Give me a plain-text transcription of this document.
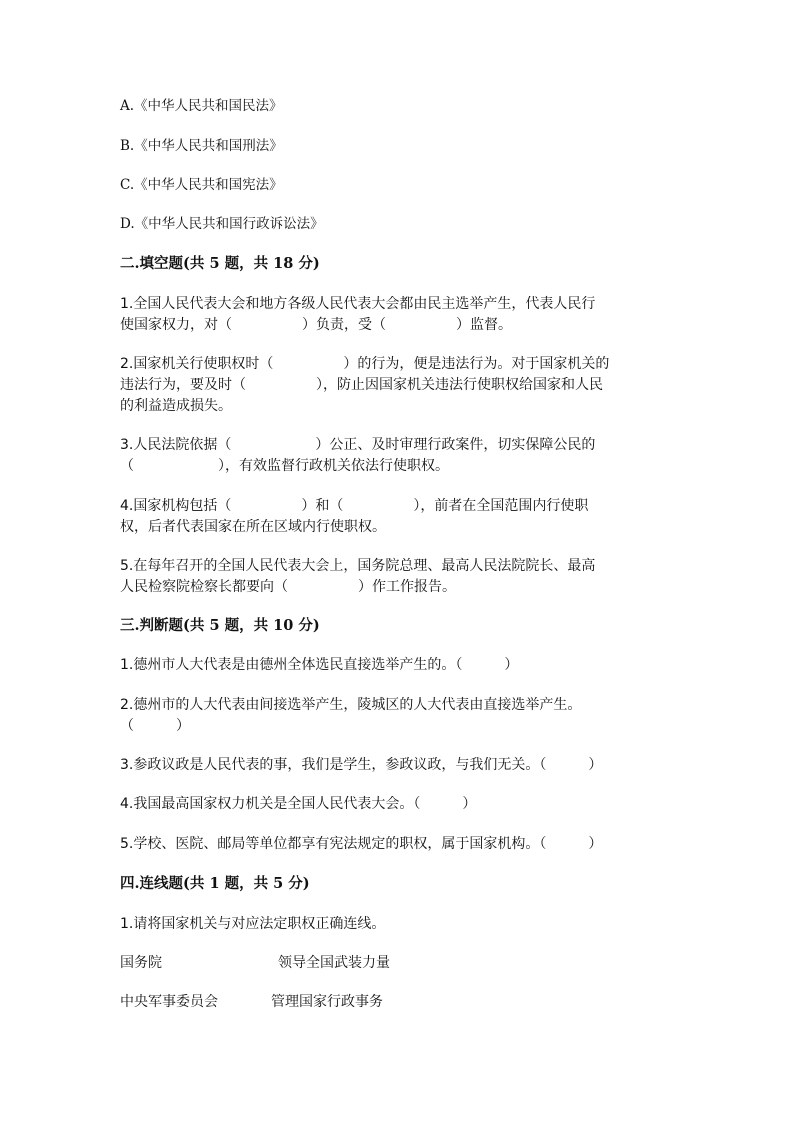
A.《中华人民共和国民法》
B.《中华人民共和国刑法》
C.《中华人民共和国宪法》
D.《中华人民共和国行政诉讼法》
二.填空题(共 5 题，共 18 分)
1.全国人民代表大会和地方各级人民代表大会都由民主选举产生，代表人民行
使国家权力，对（　　　　　）负责，受（　　　　　）监督。
2.国家机关行使职权时（　　　　　）的行为，便是违法行为。对于国家机关的
违法行为，要及时（　　　　　），防止因国家机关违法行使职权给国家和人民
的利益造成损失。
3.人民法院依据（　　　　　　）公正、及时审理行政案件，切实保障公民的
（　　　　　　），有效监督行政机关依法行使职权。
4.国家机构包括（　　　　　）和（　　　　　），前者在全国范围内行使职
权，后者代表国家在所在区域内行使职权。
5.在每年召开的全国人民代表大会上，国务院总理、最高人民法院院长、最高
人民检察院检察长都要向（　　　　　）作工作报告。
三.判断题(共 5 题，共 10 分)
1.德州市人大代表是由德州全体选民直接选举产生的。（　　　）
2.德州市的人大代表由间接选举产生，陵城区的人大代表由直接选举产生。
（　　　）
3.参政议政是人民代表的事，我们是学生，参政议政，与我们无关。（　　　）
4.我国最高国家权力机关是全国人民代表大会。（　　　）
5.学校、医院、邮局等单位都享有宪法规定的职权，属于国家机构。（　　　）
四.连线题(共 1 题，共 5 分)
1.请将国家机关与对应法定职权正确连线。
国务院	领导全国武装力量
中央军事委员会	管理国家行政事务
